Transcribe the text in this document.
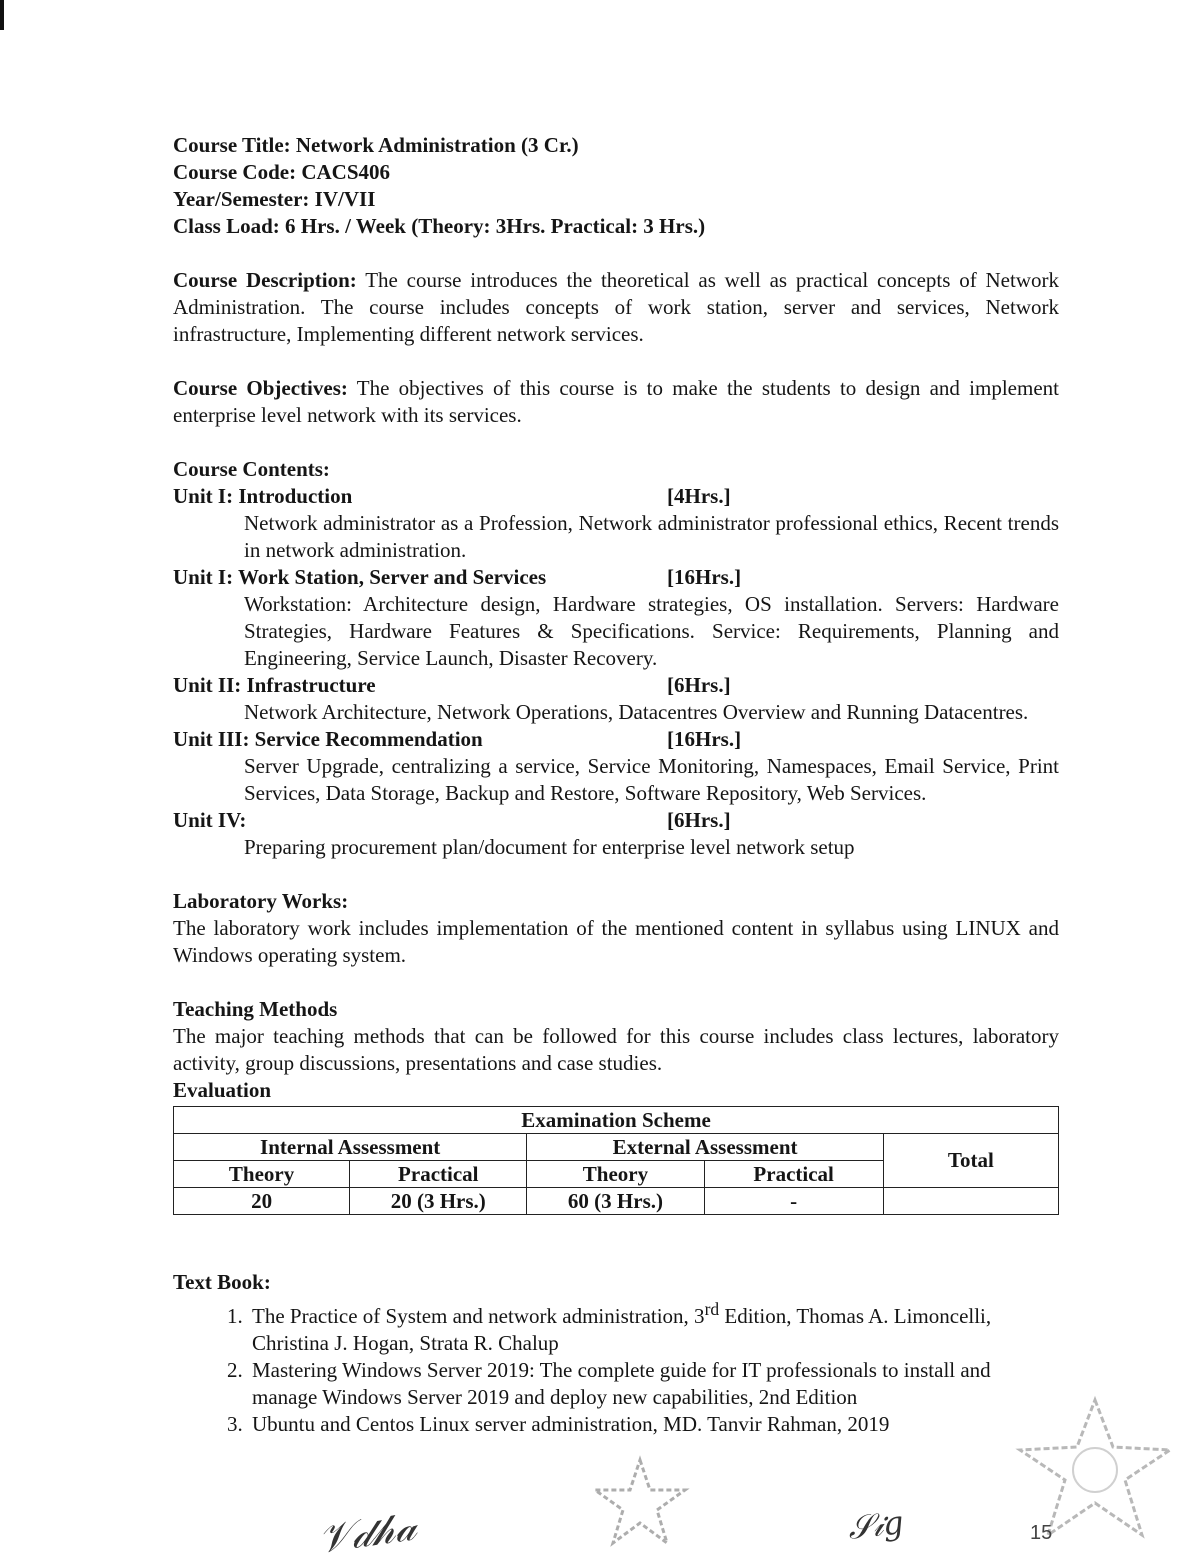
Course Title: Network Administration (3 Cr.)
Course Code: CACS406
Year/Semester: IV/VII
Class Load: 6 Hrs. / Week (Theory: 3Hrs. Practical: 3 Hrs.)
Course Description: The course introduces the theoretical as well as practical concepts of Network Administration. The course includes concepts of work station, server and services, Network infrastructure, Implementing different network services.
Course Objectives: The objectives of this course is to make the students to design and implement enterprise level network with its services.
Course Contents:
Unit I: Introduction	[4Hrs.]
Network administrator as a Profession, Network administrator professional ethics, Recent trends in network administration.
Unit I: Work Station, Server and Services	[16Hrs.]
Workstation: Architecture design, Hardware strategies, OS installation. Servers: Hardware Strategies, Hardware Features & Specifications. Service: Requirements, Planning and Engineering, Service Launch, Disaster Recovery.
Unit II: Infrastructure	[6Hrs.]
Network Architecture, Network Operations, Datacentres Overview and Running Datacentres.
Unit III: Service Recommendation	[16Hrs.]
Server Upgrade, centralizing a service, Service Monitoring, Namespaces, Email Service, Print Services, Data Storage, Backup and Restore, Software Repository, Web Services.
Unit IV:	[6Hrs.]
Preparing procurement plan/document for enterprise level network setup
Laboratory Works:
The laboratory work includes implementation of the mentioned content in syllabus using LINUX and Windows operating system.
Teaching Methods
The major teaching methods that can be followed for this course includes class lectures, laboratory activity, group discussions, presentations and case studies.
Evaluation
Examination Scheme				
Internal Assessment		External Assessment		Total
Theory	Practical	Theory	Practical	
20	20 (3 Hrs.)	60 (3 Hrs.)	-	
Text Book:
1. The Practice of System and network administration, 3rd Edition, Thomas A. Limoncelli, Christina J. Hogan, Strata R. Chalup
2. Mastering Windows Server 2019: The complete guide for IT professionals to install and manage Windows Server 2019 and deploy new capabilities, 2nd Edition
3. Ubuntu and Centos Linux server administration, MD. Tanvir Rahman, 2019
𝒱𝒹𝒽𝒶	𝒮𝒾𝑔	15
